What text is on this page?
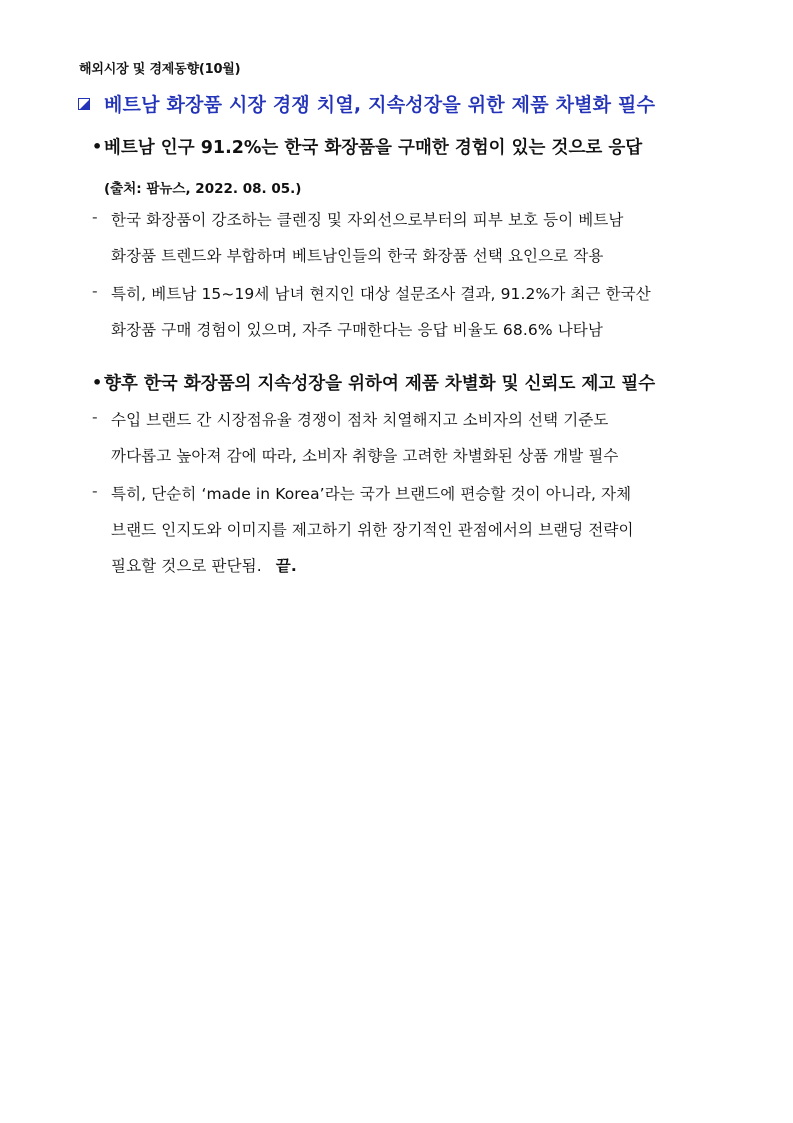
해외시장 및 경제동향(10월)
베트남 화장품 시장 경쟁 치열, 지속성장을 위한 제품 차별화 필수
• 베트남 인구 91.2%는 한국 화장품을 구매한 경험이 있는 것으로 응답
(출처: 팜뉴스, 2022. 08. 05.)
- 한국 화장품이 강조하는 클렌징 및 자외선으로부터의 피부 보호 등이 베트남
화장품 트렌드와 부합하며 베트남인들의 한국 화장품 선택 요인으로 작용
- 특히, 베트남 15~19세 남녀 현지인 대상 설문조사 결과, 91.2%가 최근 한국산
화장품 구매 경험이 있으며, 자주 구매한다는 응답 비율도 68.6% 나타남
• 향후 한국 화장품의 지속성장을 위하여 제품 차별화 및 신뢰도 제고 필수
- 수입 브랜드 간 시장점유율 경쟁이 점차 치열해지고 소비자의 선택 기준도
까다롭고 높아져 감에 따라, 소비자 취향을 고려한 차별화된 상품 개발 필수
- 특히, 단순히 ‘made in Korea’라는 국가 브랜드에 편승할 것이 아니라, 자체
브랜드 인지도와 이미지를 제고하기 위한 장기적인 관점에서의 브랜딩 전략이
필요할 것으로 판단됨. 끝.
